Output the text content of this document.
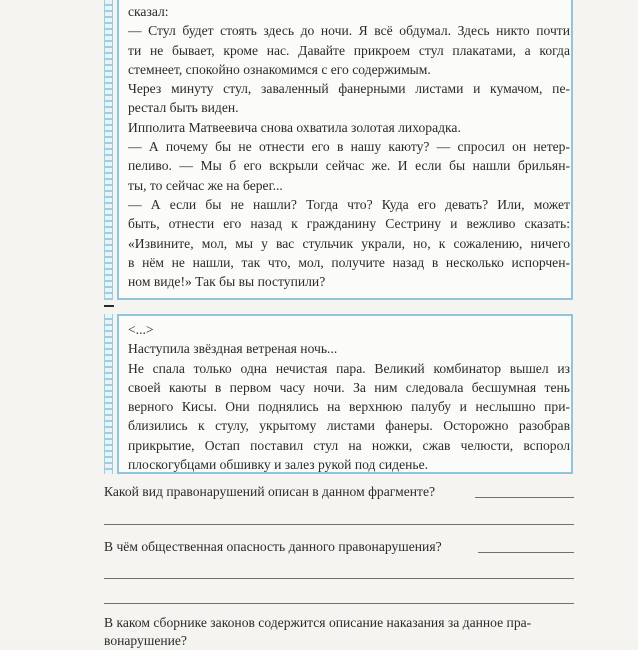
сказал:
— Стул будет стоять здесь до ночи. Я всё обдумал. Здесь никто почти
ти не бывает, кроме нас. Давайте прикроем стул плакатами, а когда
стемнеет, спокойно ознакомимся с его содержимым.
Через минуту стул, заваленный фанерными листами и кумачом, пе-
рестал быть виден.
Ипполита Матвеевича снова охватила золотая лихорадка.
— А почему бы не отнести его в нашу каюту? — спросил он нетер-
пеливо. — Мы б его вскрыли сейчас же. И если бы нашли брильян-
ты, то сейчас же на берег...
— А если бы не нашли? Тогда что? Куда его девать? Или, может
быть, отнести его назад к гражданину Сестрину и вежливо сказать:
«Извините, мол, мы у вас стульчик украли, но, к сожалению, ничего
в нём не нашли, так что, мол, получите назад в несколько испорчен-
ном виде!» Так бы вы поступили?
<...>
Наступила звёздная ветреная ночь...
Не спала только одна нечистая пара. Великий комбинатор вышел из
своей каюты в первом часу ночи. За ним следовала бесшумная тень
верного Кисы. Они поднялись на верхнюю палубу и неслышно при-
близились к стулу, укрытому листами фанеры. Осторожно разобрав
прикрытие, Остап поставил стул на ножки, сжав челюсти, вспорол
плоскогубцами обшивку и залез рукой под сиденье.
Какой вид правонарушений описан в данном фрагменте?
В чём общественная опасность данного правонарушения?
В каком сборнике законов содержится описание наказания за данное пра-
вонарушение?
